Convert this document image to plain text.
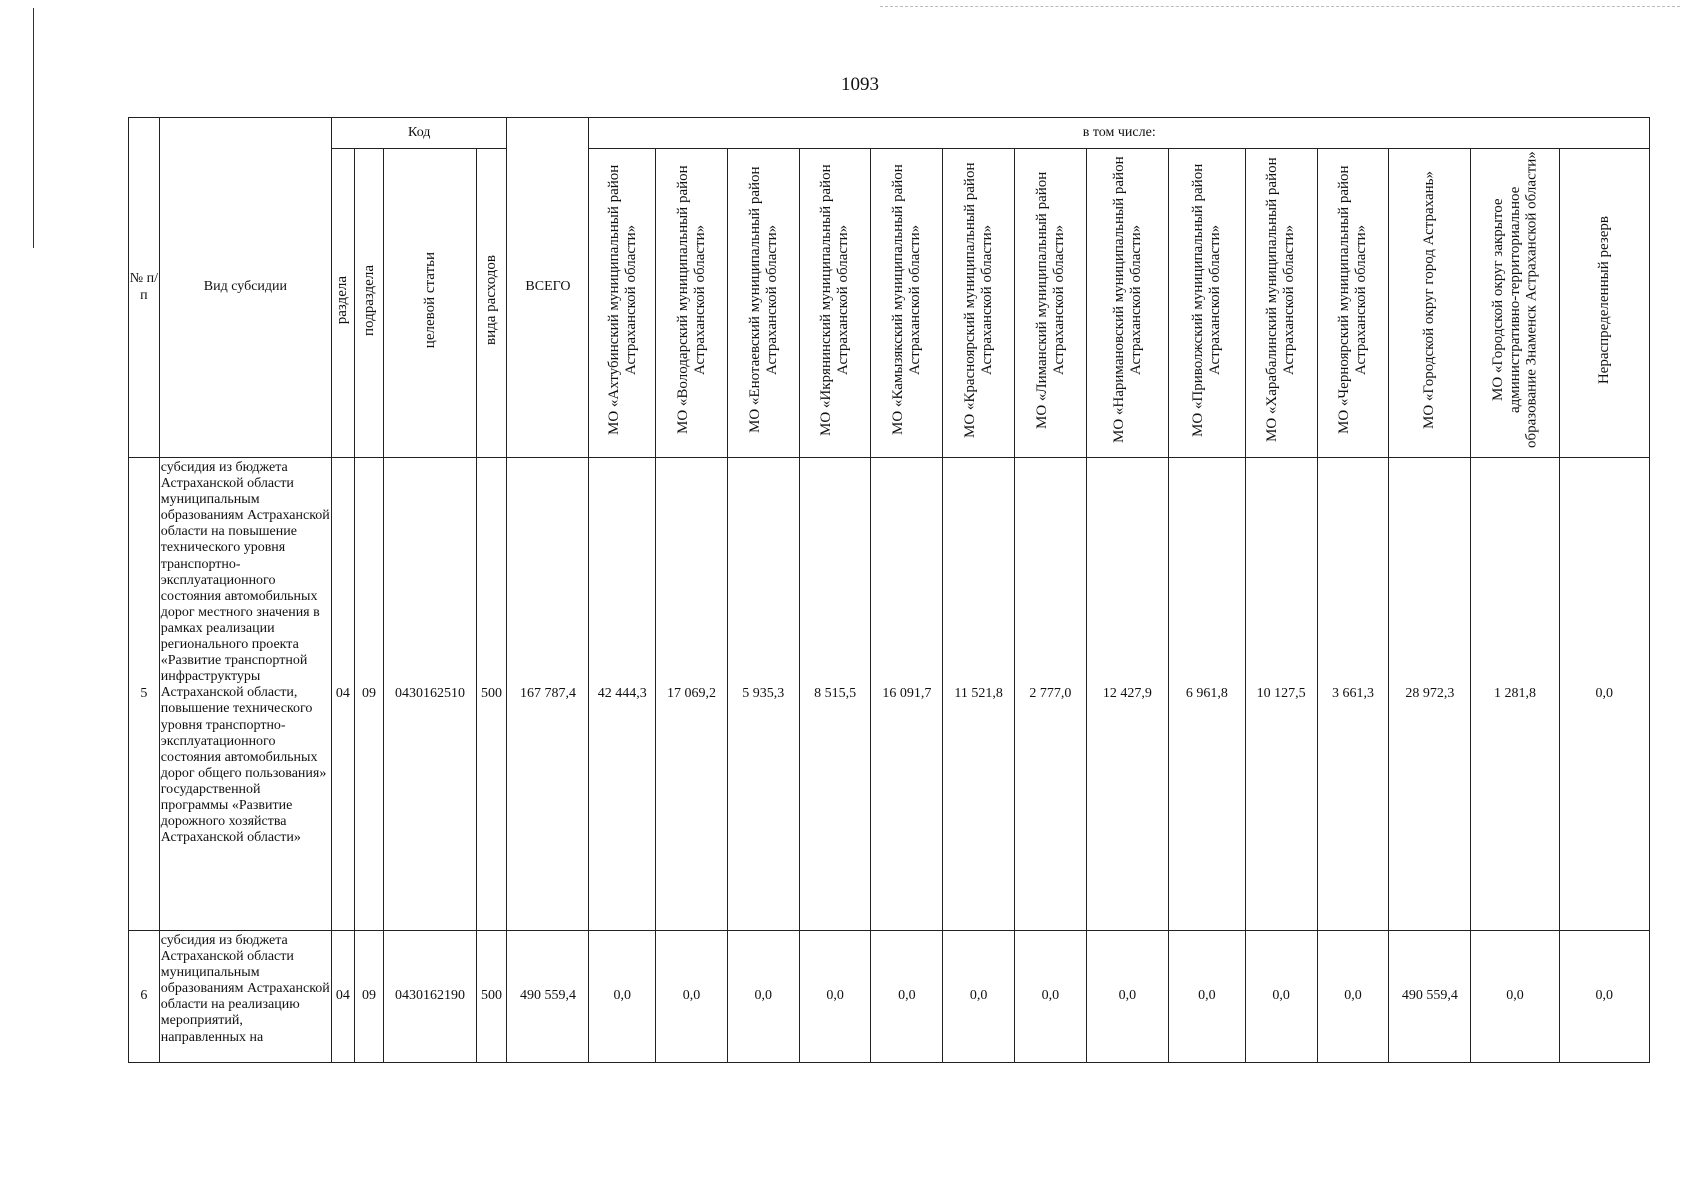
1093
№ п/п	Вид субсидии	Код				ВСЕГО	в том числе:													
		раздела	подраздела	целевой статьи	вида расходов		МО «Ахтубинский муниципальный район Астраханской области»	МО «Володарский муниципальный район Астраханской области»	МО «Енотаевский муниципальный район Астраханской области»	МО «Икрянинский муниципальный район Астраханской области»	МО «Камызякский муниципальный район Астраханской области»	МО «Красноярский муниципальный район Астраханской области»	МО «Лиманский муниципальный район Астраханской области»	МО «Наримановский муниципальный район Астраханской области»	МО «Приволжский муниципальный район Астраханской области»	МО «Харабалинский муниципальный район Астраханской области»	МО «Черноярский муниципальный район Астраханской области»	МО «Городской округ город Астрахань»	МО «Городской округ закрытое административно-территориальное образование Знаменск Астраханской области»	Нераспределенный резерв
5	субсидия из бюджета Астраханской области муниципальным образованиям Астраханской области на повышение технического уровня транспортно-эксплуатационного состояния автомобильных дорог местного значения в рамках реализации регионального проекта «Развитие транспортной инфраструктуры Астраханской области, повышение технического уровня транспортно-эксплуатационного состояния автомобильных дорог общего пользования» государственной программы «Развитие дорожного хозяйства Астраханской области»	04	09	0430162510	500	167 787,4	42 444,3	17 069,2	5 935,3	8 515,5	16 091,7	11 521,8	2 777,0	12 427,9	6 961,8	10 127,5	3 661,3	28 972,3	1 281,8	0,0
6	субсидия из бюджета Астраханской области муниципальным образованиям Астраханской области на реализацию мероприятий, направленных на	04	09	0430162190	500	490 559,4	0,0	0,0	0,0	0,0	0,0	0,0	0,0	0,0	0,0	0,0	0,0	490 559,4	0,0	0,0
